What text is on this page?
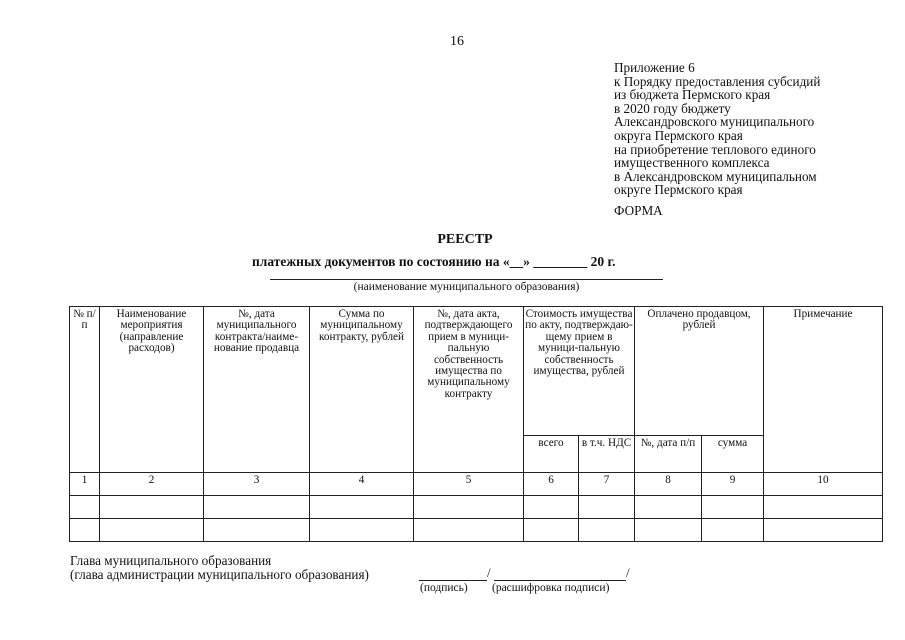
16
Приложение 6
к Порядку предоставления субсидий
из бюджета Пермского края
в 2020 году бюджету
Александровского муниципального
округа Пермского края
на приобретение теплового единого
имущественного комплекса
в Александровском муниципальном
округе Пермского края
ФОРМА
РЕЕСТР
платежных документов по состоянию на «__» ________ 20 г.
(наименование муниципального образования)
№ п/п	Наименование мероприятия (направление расходов)	№, дата муниципального контракта/наиме-нование продавца	Сумма по муниципальному контракту, рублей	№, дата акта, подтверждающего прием в муници-пальную собственность имущества по муниципальному контракту	Стоимость имущества по акту, подтверждаю-щему прием в муници-пальную собственность имущества, рублей		Оплачено продавцом, рублей		Примечание
					всего	в т.ч. НДС	№, дата п/п	сумма	
1	2	3	4	5	6	7	8	9	10

Глава муниципального образования
(глава администрации муниципального образования)	/	/
(подпись) (расшифровка подписи)
